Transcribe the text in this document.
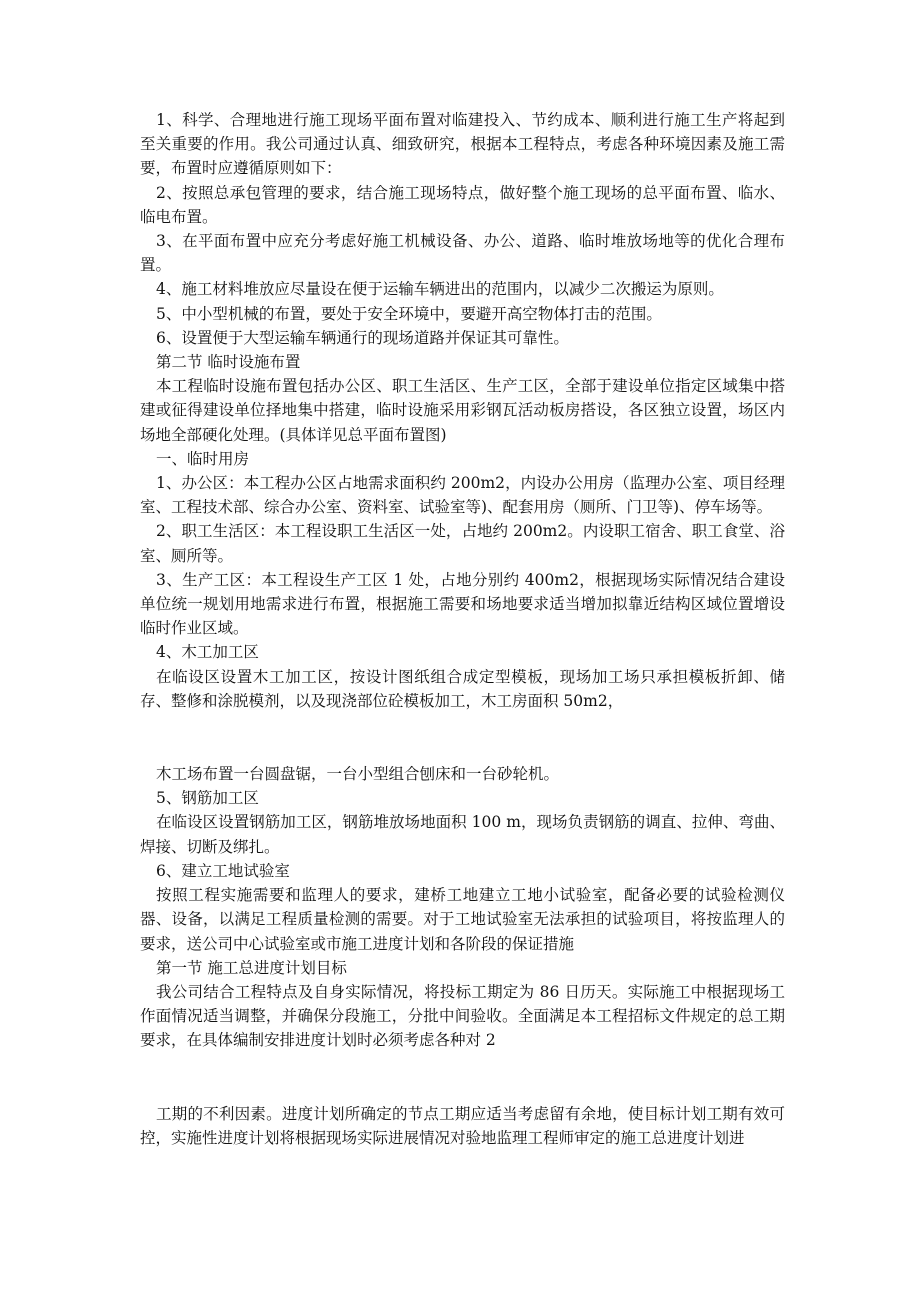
1、科学、合理地进行施工现场平面布置对临建投入、节约成本、顺利进行施工生产将起到至关重要的作用。我公司通过认真、细致研究，根据本工程特点，考虑各种环境因素及施工需要，布置时应遵循原则如下：
2、按照总承包管理的要求，结合施工现场特点，做好整个施工现场的总平面布置、临水、临电布置。
3、在平面布置中应充分考虑好施工机械设备、办公、道路、临时堆放场地等的优化合理布置。
4、施工材料堆放应尽量设在便于运输车辆进出的范围内，以减少二次搬运为原则。
5、中小型机械的布置，要处于安全环境中，要避开高空物体打击的范围。
6、设置便于大型运输车辆通行的现场道路并保证其可靠性。
第二节 临时设施布置
本工程临时设施布置包括办公区、职工生活区、生产工区，全部于建设单位指定区域集中搭建或征得建设单位择地集中搭建，临时设施采用彩钢瓦活动板房搭设，各区独立设置，场区内场地全部硬化处理。(具体详见总平面布置图)
一、临时用房
1、办公区：本工程办公区占地需求面积约 200m2，内设办公用房（监理办公室、项目经理室、工程技术部、综合办公室、资料室、试验室等)、配套用房（厕所、门卫等)、停车场等。
2、职工生活区：本工程设职工生活区一处，占地约 200m2。内设职工宿舍、职工食堂、浴室、厕所等。
3、生产工区：本工程设生产工区 1 处，占地分别约 400m2，根据现场实际情况结合建设单位统一规划用地需求进行布置，根据施工需要和场地要求适当增加拟靠近结构区域位置增设临时作业区域。
4、木工加工区
在临设区设置木工加工区，按设计图纸组合成定型模板，现场加工场只承担模板折卸、储存、整修和涂脱模剂，以及现浇部位砼模板加工，木工房面积 50m2，
木工场布置一台圆盘锯，一台小型组合刨床和一台砂轮机。
5、钢筋加工区
在临设区设置钢筋加工区，钢筋堆放场地面积 100 m，现场负责钢筋的调直、拉伸、弯曲、焊接、切断及绑扎。
6、建立工地试验室
按照工程实施需要和监理人的要求，建桥工地建立工地小试验室，配备必要的试验检测仪器、设备，以满足工程质量检测的需要。对于工地试验室无法承担的试验项目，将按监理人的要求，送公司中心试验室或市施工进度计划和各阶段的保证措施
第一节 施工总进度计划目标
我公司结合工程特点及自身实际情况，将投标工期定为 86 日历天。实际施工中根据现场工作面情况适当调整，并确保分段施工，分批中间验收。全面满足本工程招标文件规定的总工期要求，在具体编制安排进度计划时必须考虑各种对 2
工期的不利因素。进度计划所确定的节点工期应适当考虑留有余地，使目标计划工期有效可控，实施性进度计划将根据现场实际进展情况对验地监理工程师审定的施工总进度计划进
